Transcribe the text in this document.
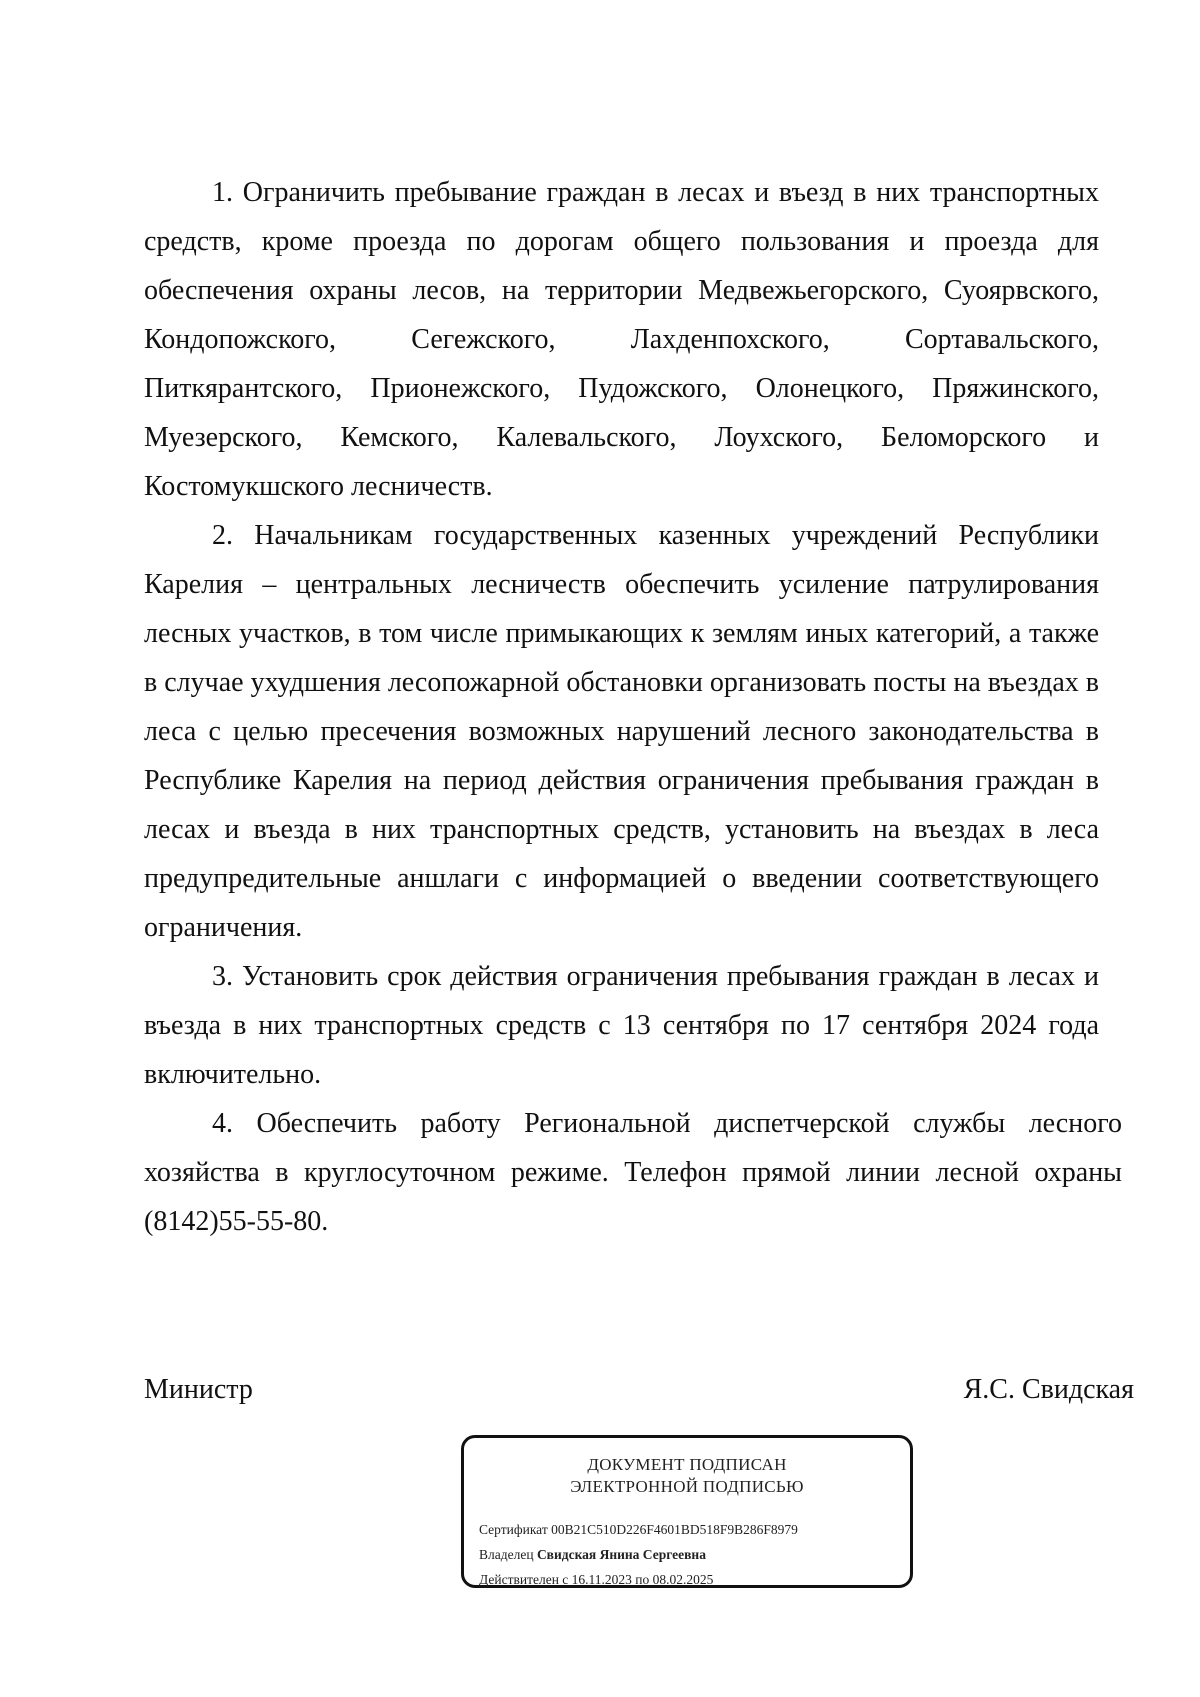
1. Ограничить пребывание граждан в лесах и въезд в них транспортных средств, кроме проезда по дорогам общего пользования и проезда для обеспечения охраны лесов, на территории Медвежьегорского, Суоярвского, Кондопожского, Сегежского, Лахденпохского, Сортавальского, Питкярантского, Прионежского, Пудожского, Олонецкого, Пряжинского, Муезерского, Кемского, Калевальского, Лоухского, Беломорского и Костомукшского лесничеств.

2. Начальникам государственных казенных учреждений Республики Карелия – центральных лесничеств обеспечить усиление патрулирования лесных участков, в том числе примыкающих к землям иных категорий, а также в случае ухудшения лесопожарной обстановки организовать посты на въездах в леса с целью пресечения возможных нарушений лесного законодательства в Республике Карелия на период действия ограничения пребывания граждан в лесах и въезда в них транспортных средств, установить на въездах в леса предупредительные аншлаги с информацией о введении соответствующего ограничения.

3. Установить срок действия ограничения пребывания граждан в лесах и въезда в них транспортных средств с 13 сентября по 17 сентября 2024 года включительно.

4. Обеспечить работу Региональной диспетчерской службы лесного хозяйства в круглосуточном режиме. Телефон прямой линии лесной охраны (8142)55-55-80.

Министр	Я.С. Свидская
ДОКУМЕНТ ПОДПИСАН
ЭЛЕКТРОННОЙ ПОДПИСЬЮ
Сертификат 00B21C510D226F4601BD518F9B286F8979
Владелец Свидская Янина Сергеевна
Действителен с 16.11.2023 по 08.02.2025
